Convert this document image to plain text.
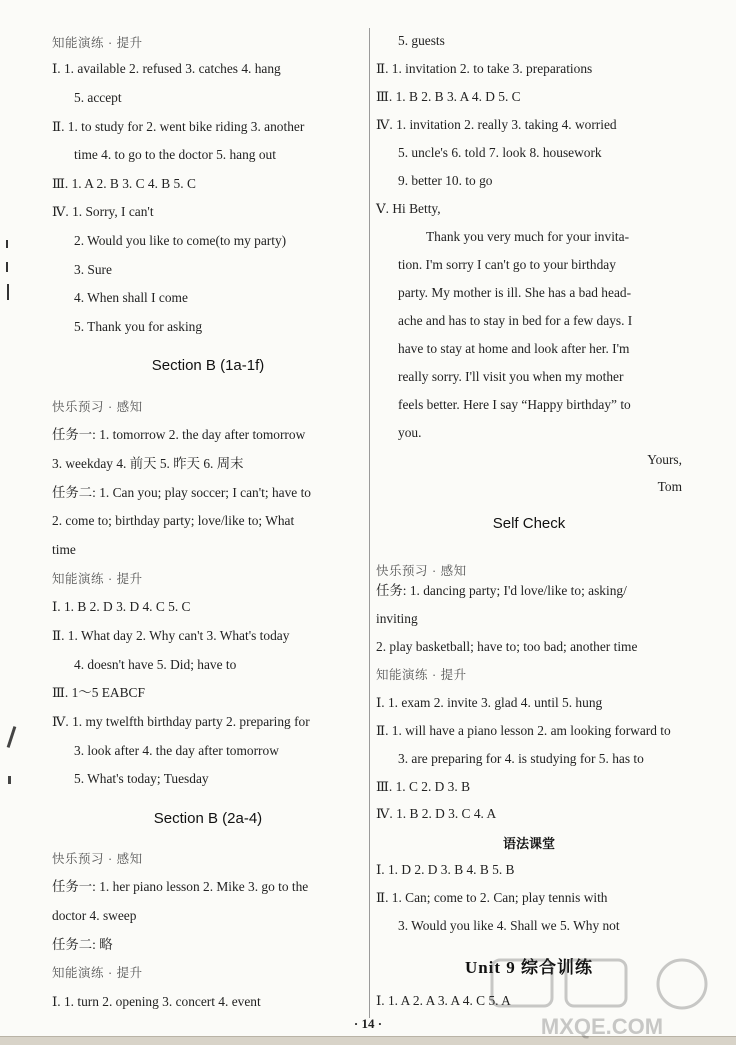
知能演练 · 提升
Ⅰ. 1. available 2. refused 3. catches 4. hang
5. accept
Ⅱ. 1. to study for 2. went bike riding 3. another
time 4. to go to the doctor 5. hang out
Ⅲ. 1. A 2. B 3. C 4. B 5. C
Ⅳ. 1. Sorry, I can't
2. Would you like to come(to my party)
3. Sure
4. When shall I come
5. Thank you for asking
快乐预习 · 感知
任务一: 1. tomorrow 2. the day after tomorrow
3. weekday 4. 前天 5. 昨天 6. 周末
任务二: 1. Can you; play soccer; I can't; have to
2. come to; birthday party; love/like to; What
time
知能演练 · 提升
Ⅰ. 1. B 2. D 3. D 4. C 5. C
Ⅱ. 1. What day 2. Why can't 3. What's today
4. doesn't have 5. Did; have to
Ⅲ. 1～5 EABCF
Ⅳ. 1. my twelfth birthday party 2. preparing for
3. look after 4. the day after tomorrow
5. What's today; Tuesday
快乐预习 · 感知
任务一: 1. her piano lesson 2. Mike 3. go to the
doctor 4. sweep
任务二: 略
知能演练 · 提升
Ⅰ. 1. turn 2. opening 3. concert 4. event
Section B (1a-1f)
Section B (2a-4)
5. guests
Ⅱ. 1. invitation 2. to take 3. preparations
Ⅲ. 1. B 2. B 3. A 4. D 5. C
Ⅳ. 1. invitation 2. really 3. taking 4. worried
5. uncle's 6. told 7. look 8. housework
9. better 10. to go
Ⅴ. Hi Betty,
Thank you very much for your invita-
tion. I'm sorry I can't go to your birthday
party. My mother is ill. She has a bad head-
ache and has to stay in bed for a few days. I
have to stay at home and look after her. I'm
really sorry. I'll visit you when my mother
feels better. Here I say “Happy birthday” to
you.
快乐预习 · 感知
任务: 1. dancing party; I'd love/like to; asking/
inviting
2. play basketball; have to; too bad; another time
知能演练 · 提升
Ⅰ. 1. exam 2. invite 3. glad 4. until 5. hung
Ⅱ. 1. will have a piano lesson 2. am looking forward to
3. are preparing for 4. is studying for 5. has to
Ⅲ. 1. C 2. D 3. B
Ⅳ. 1. B 2. D 3. C 4. A
Ⅰ. 1. D 2. D 3. B 4. B 5. B
Ⅱ. 1. Can; come to 2. Can; play tennis with
3. Would you like 4. Shall we 5. Why not
Ⅰ. 1. A 2. A 3. A 4. C 5. A
Self Check
语法课堂
Yours,
Tom
Unit 9 综合训练
· 14 ·	MXQE.COM
